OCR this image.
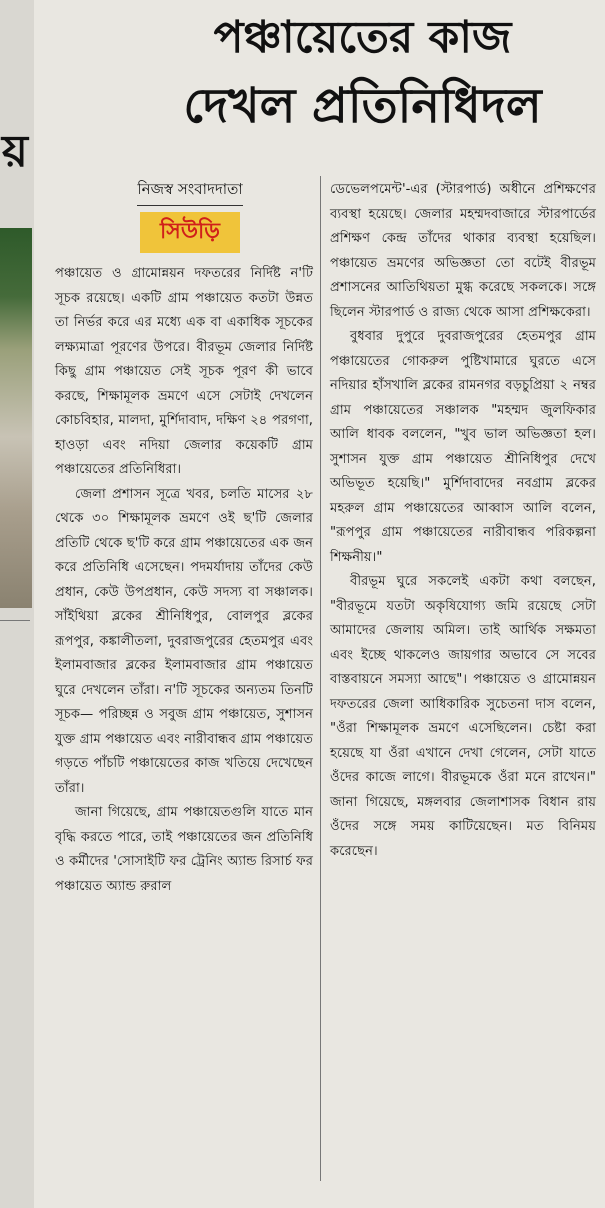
পঞ্চায়েতের কাজ
দেখল প্রতিনিধিদল
য়
নিজস্ব সংবাদদাতা
সিউড়ি

পঞ্চায়েত ও গ্রামোন্নয়ন দফতরের নির্দিষ্ট ন'টি সূচক রয়েছে। একটি গ্রাম পঞ্চায়েত কতটা উন্নত তা নির্ভর করে এর মধ্যে এক বা একাধিক সূচকের লক্ষ্যমাত্রা পূরণের উপরে। বীরভূম জেলার নির্দিষ্ট কিছু গ্রাম পঞ্চায়েত সেই সূচক পূরণ কী ভাবে করছে, শিক্ষামূলক ভ্রমণে এসে সেটাই দেখলেন কোচবিহার, মালদা, মুর্শিদাবাদ, দক্ষিণ ২৪ পরগণা, হাওড়া এবং নদিয়া জেলার কয়েকটি গ্রাম পঞ্চায়েতের প্রতিনিধিরা।

জেলা প্রশাসন সূত্রে খবর, চলতি মাসের ২৮ থেকে ৩০ শিক্ষামূলক ভ্রমণে ওই ছ'টি জেলার প্রতিটি থেকে ছ'টি করে গ্রাম পঞ্চায়েতের এক জন করে প্রতিনিধি এসেছেন। পদমর্যাদায় তাঁদের কেউ প্রধান, কেউ উপপ্রধান, কেউ সদস্য বা সঞ্চালক। সাঁইথিয়া ব্লকের শ্রীনিধিপুর, বোলপুর ব্লকের রূপপুর, কঙ্কালীতলা, দুবরাজপুরের হেতমপুর এবং ইলামবাজার ব্লকের ইলামবাজার গ্রাম পঞ্চায়েত ঘুরে দেখলেন তাঁরা। ন'টি সূচকের অন্যতম তিনটি সূচক— পরিচ্ছন্ন ও সবুজ গ্রাম পঞ্চায়েত, সুশাসন যুক্ত গ্রাম পঞ্চায়েত এবং নারীবান্ধব গ্রাম পঞ্চায়েত গড়তে পাঁচটি পঞ্চায়েতের কাজ খতিয়ে দেখেছেন তাঁরা।

জানা গিয়েছে, গ্রাম পঞ্চায়েতগুলি যাতে মান বৃদ্ধি করতে পারে, তাই পঞ্চায়েতের জন প্রতিনিধি ও কর্মীদের 'সোসাইটি ফর ট্রেনিং অ্যান্ড রিসার্চ ফর পঞ্চায়েত অ্যান্ড রুরাল

ডেভেলপমেন্ট'-এর (স্টারপার্ড) অধীনে প্রশিক্ষণের ব্যবস্থা হয়েছে। জেলার মহম্মদবাজারে স্টারপার্ডের প্রশিক্ষণ কেন্দ্র তাঁদের থাকার ব্যবস্থা হয়েছিল। পঞ্চায়েত ভ্রমণের অভিজ্ঞতা তো বটেই বীরভূম প্রশাসনের আতিথিয়তা মুগ্ধ করেছে সকলকে। সঙ্গে ছিলেন স্টারপার্ড ও রাজ্য থেকে আসা প্রশিক্ষকেরা।

বুধবার দুপুরে দুবরাজপুরের হেতমপুর গ্রাম পঞ্চায়েতের গোকরুল পুষ্টিখামারে ঘুরতে এসে নদিয়ার হাঁসখালি ব্লকের রামনগর বড়চুপ্রিয়া ২ নম্বর গ্রাম পঞ্চায়েতের সঞ্চালক "মহম্মদ জুলফিকার আলি ধাবক বললেন, "খুব ভাল অভিজ্ঞতা হল। সুশাসন যুক্ত গ্রাম পঞ্চায়েত শ্রীনিধিপুর দেখে অভিভূত হয়েছি।" মুর্শিদাবাদের নবগ্রাম ব্লকের মহরুল গ্রাম পঞ্চায়েতের আব্বাস আলি বলেন, "রূপপুর গ্রাম পঞ্চায়েতের নারীবান্ধব পরিকল্পনা শিক্ষনীয়।"

বীরভূম ঘুরে সকলেই একটা কথা বলছেন, "বীরভূমে যতটা অকৃষিযোগ্য জমি রয়েছে সেটা আমাদের জেলায় অমিল। তাই আর্থিক সক্ষমতা এবং ইচ্ছে থাকলেও জায়গার অভাবে সে সবের বাস্তবায়নে সমস্যা আছে"। পঞ্চায়েত ও গ্রামোন্নয়ন দফতরের জেলা আধিকারিক সুচেতনা দাস বলেন, "ওঁরা শিক্ষামূলক ভ্রমণে এসেছিলেন। চেষ্টা করা হয়েছে যা ওঁরা এখানে দেখা গেলেন, সেটা যাতে ওঁদের কাজে লাগে। বীরভূমকে ওঁরা মনে রাখেন।" জানা গিয়েছে, মঙ্গলবার জেলাশাসক বিধান রায় ওঁদের সঙ্গে সময় কাটিয়েছেন। মত বিনিময় করেছেন।
